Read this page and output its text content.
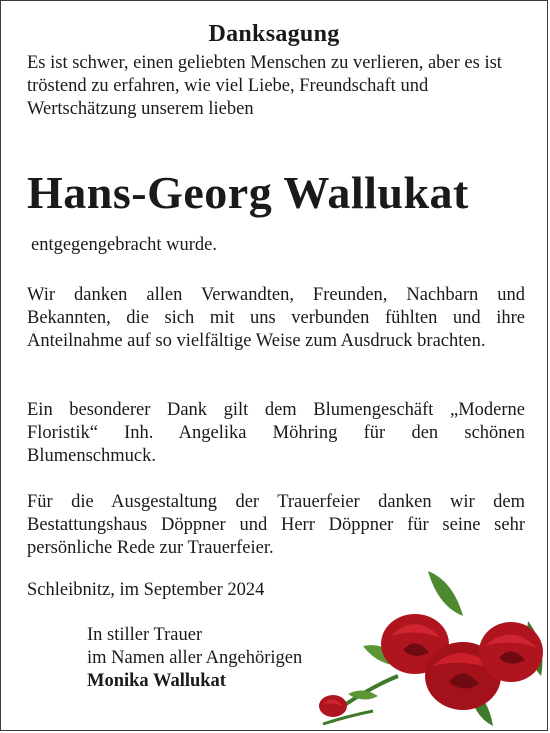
Danksagung

Es ist schwer, einen geliebten Menschen zu verlieren, aber es ist tröstend zu erfahren, wie viel Liebe, Freundschaft und Wertschätzung unserem lieben

Hans-Georg Wallukat

entgegengebracht wurde.

Wir danken allen Verwandten, Freunden, Nachbarn und Bekannten, die sich mit uns verbunden fühlten und ihre Anteilnahme auf so vielfältige Weise zum Ausdruck brachten.

Ein besonderer Dank gilt dem Blumengeschäft „Moderne Floristik“ Inh. Angelika Möhring für den schönen Blumenschmuck.

Für die Ausgestaltung der Trauerfeier danken wir dem Bestattungshaus Döppner und Herr Döppner für seine sehr persönliche Rede zur Trauerfeier.

Schleibnitz, im September 2024

In stiller Trauer
im Namen aller Angehörigen
Monika Wallukat
